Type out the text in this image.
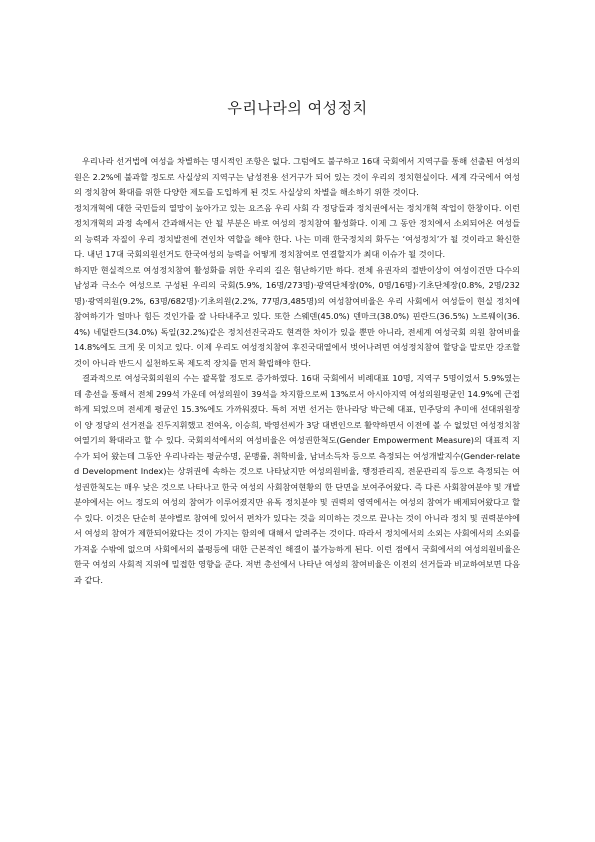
우리나라의 여성정치

우리나라 선거법에 여성을 차별하는 명시적인 조항은 없다. 그럼에도 불구하고 16대 국회에서 지역구를 통해 선출된 여성의원은 2.2%에 불과할 정도로 사실상의 지역구는 남성전용 선거구가 되어 있는 것이 우리의 정치현실이다. 세계 각국에서 여성의 정치참여 확대를 위한 다양한 제도를 도입하게 된 것도 사실상의 차별을 해소하기 위한 것이다.

정치개혁에 대한 국민들의 열망이 높아가고 있는 요즈음 우리 사회 각 정당들과 정치권에서는 정치개혁 작업이 한창이다. 이런 정치개혁의 과정 속에서 간과해서는 안 될 부분은 바로 여성의 정치참여 활성화다. 이제 그 동안 정치에서 소외되어온 여성들의 능력과 자질이 우리 정치발전에 견인차 역할을 해야 한다. 나는 미래 한국정치의 화두는 ‘여성정치’가 될 것이라고 확신한다. 내년 17대 국회의원선거도 한국여성의 능력을 어떻게 정치참여로 연결할지가 최대 이슈가 될 것이다.

하지만 현실적으로 여성정치참여 활성화를 위한 우리의 길은 험난하기만 하다. 전체 유권자의 절반이상이 여성이건만 다수의 남성과 극소수 여성으로 구성된 우리의 국회(5.9%, 16명/273명)·광역단체장(0%, 0명/16명)·기초단체장(0.8%, 2명/232명)·광역의원(9.2%, 63명/682명)·기초의원(2.2%, 77명/3,485명)의 여성참여비율은 우리 사회에서 여성들이 현실 정치에 참여하기가 얼마나 힘든 것인가를 잘 나타내주고 있다. 또한 스웨덴(45.0%) 덴마크(38.0%) 핀란드(36.5%) 노르웨이(36.4%) 네덜란드(34.0%) 독일(32.2%)같은 정치선진국과도 현격한 차이가 있을 뿐만 아니라, 전세계 여성국회 의원 참여비율 14.8%에도 크게 못 미치고 있다. 이제 우리도 여성정치참여 후진국대열에서 벗어나려면 여성정치참여 할당을 말로만 강조할 것이 아니라 반드시 실천하도록 제도적 장치를 먼저 확립해야 한다.

결과적으로 여성국회의원의 수는 괄목할 정도로 증가하였다. 16대 국회에서 비례대표 10명, 지역구 5명이었서 5.9%였는데 총선을 통해서 전체 299석 가운데 여성의원이 39석을 차지함으로써 13%로서 아시아지역 여성의원평균인 14.9%에 근접하게 되었으며 전세계 평균인 15.3%에도 가까워졌다. 특히 저번 선거는 한나라당 박근혜 대표, 민주당의 추미애 선대위원장이 양 정당의 선거전을 진두지휘했고 전여옥, 이승희, 박영선씨가 3당 대변인으로 활약하면서 이전에 볼 수 없었던 여성정치참여열기의 확대라고 할 수 있다. 국회의석에서의 여성비율은 여성권한척도(Gender Empowerment Measure)의 대표적 지수가 되어 왔는데 그동안 우리나라는 평균수명, 문맹률, 취학비율, 남녀소득차 등으로 측정되는 여성개발지수(Gender-related Development Index)는 상위권에 속하는 것으로 나타났지만 여성의원비율, 행정관리직, 전문관리직 등으로 측정되는 여성권한척도는 매우 낮은 것으로 나타나고 한국 여성의 사회참여현황의 한 단면을 보여주어왔다. 즉 다른 사회참여분야 및 개발분야에서는 어느 정도의 여성의 참여가 이루어졌지만 유독 정치분야 및 권력의 영역에서는 여성의 참여가 배제되어왔다고 할 수 있다. 이것은 단순히 분야별로 참여에 있어서 편차가 있다는 것을 의미하는 것으로 끝나는 것이 아니라 정치 및 권력분야에서 여성의 참여가 제한되어왔다는 것이 가지는 함의에 대해서 알려주는 것이다. 따라서 정치에서의 소외는 사회에서의 소외를 가져올 수밖에 없으며 사회에서의 불평등에 대한 근본적인 해결이 불가능하게 된다. 이런 점에서 국회에서의 여성의원비율은 한국 여성의 사회적 지위에 밀접한 영향을 준다. 저번 총선에서 나타난 여성의 참여비율은 이전의 선거들과 비교하여보면 다음과 같다.
